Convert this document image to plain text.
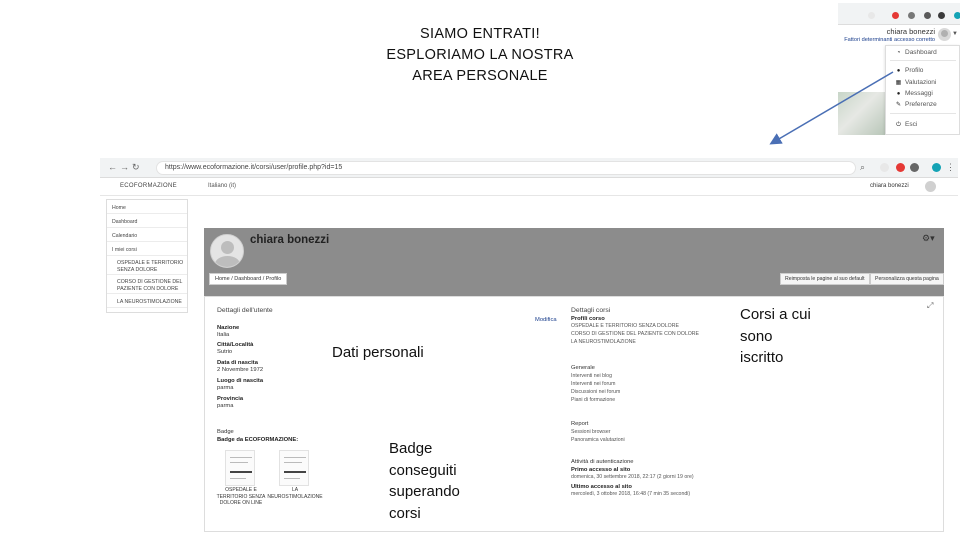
SIAMO ENTRATI!
ESPLORIAMO LA NOSTRA
AREA PERSONALE
chiara bonezzi
Fattori determinanti accesso corretto
▼
◔ Dashboard
● Profilo
▦ Valutazioni
● Messaggi
✎ Preferenze
⏻ Esci
← → ↻	https://www.ecoformazione.it/corsi/user/profile.php?id=15	⌕	⋮
ECOFORMAZIONE	Italiano (it)	chiara bonezzi
Home
Dashboard
Calendario
I miei corsi
OSPEDALE E TERRITORIO SENZA DOLORE
CORSO DI GESTIONE DEL PAZIENTE CON DOLORE
LA NEUROSTIMOLAZIONE
chiara bonezzi	⚙▾
Home / Dashboard / Profilo	Reimposta le pagine al suo default	Personalizza questa pagina
Dettagli dell'utente
Modifica
Nazione
Italia
Città/Località
Sutrio
Data di nascita
2 Novembre 1972
Luogo di nascita
parma
Provincia
parma
Badge
Badge da ECOFORMAZIONE:
OSPEDALE E
TERRITORIO SENZA
DOLORE ON LINE
LA
NEUROSTIMOLAZIONE
Dettagli corsi
Profili corso
OSPEDALE E TERRITORIO SENZA DOLORE
CORSO DI GESTIONE DEL PAZIENTE CON DOLORE
LA NEUROSTIMOLAZIONE
Generale
Interventi nei blog
Interventi nei forum
Discussioni nei forum
Piani di formazione
Report
Sessioni browser
Panoramica valutazioni
Attività di autenticazione
Primo accesso al sito
domenica, 30 settembre 2018, 22:17 (2 giorni 19 ore)
Ultimo accesso al sito
mercoledì, 3 ottobre 2018, 16:48 (7 min 35 secondi)
⤢
Dati personali
Badge
conseguiti
superando
corsi
Corsi a cui
sono
iscritto
